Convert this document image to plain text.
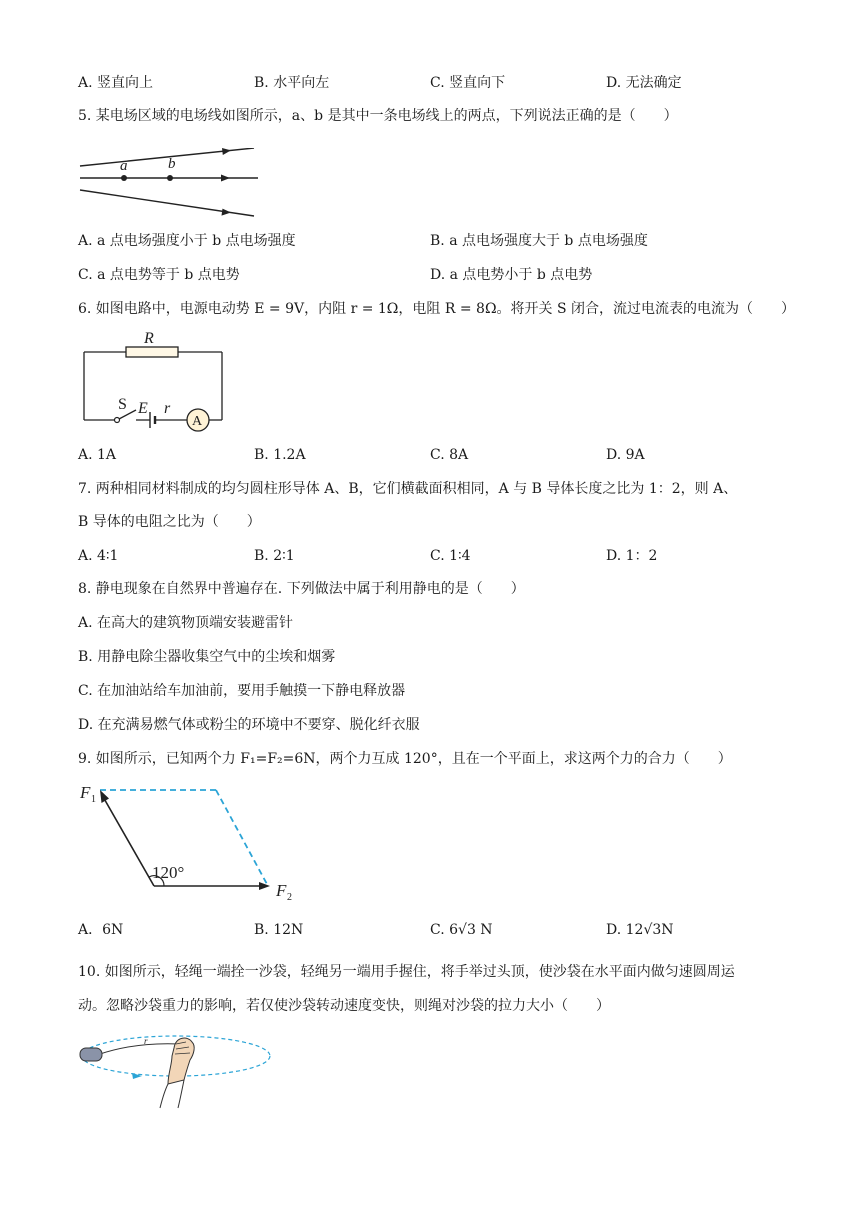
A. 竖直向上	B. 水平向左	C. 竖直向下	D. 无法确定
5. 某电场区域的电场线如图所示，a、b 是其中一条电场线上的两点，下列说法正确的是（　　）
a	b
A. a 点电场强度小于 b 点电场强度	B. a 点电场强度大于 b 点电场强度
C. a 点电势等于 b 点电势	D. a 点电势小于 b 点电势
6. 如图电路中，电源电动势 E = 9V，内阻 r = 1Ω，电阻 R = 8Ω。将开关 S 闭合，流过电流表的电流为（　　）
R
S E r
A
A. 1A	B. 1.2A	C. 8A	D. 9A
7. 两种相同材料制成的均匀圆柱形导体 A、B，它们横截面积相同，A 与 B 导体长度之比为 1：2，则 A、
B 导体的电阻之比为（　　）
A. 4∶1	B. 2∶1	C. 1∶4	D. 1：2
8. 静电现象在自然界中普遍存在. 下列做法中属于利用静电的是（　　）
A. 在高大的建筑物顶端安装避雷针
B. 用静电除尘器收集空气中的尘埃和烟雾
C. 在加油站给车加油前，要用手触摸一下静电释放器
D. 在充满易燃气体或粉尘的环境中不要穿、脱化纤衣服
9. 如图所示，已知两个力 F₁=F₂=6N，两个力互成 120°，且在一个平面上，求这两个力的合力（　　）
120°
F 1
F 2
A．6N	B. 12N	C. 6√3 N	D. 12√3N
10. 如图所示，轻绳一端拴一沙袋，轻绳另一端用手握住，将手举过头顶，使沙袋在水平面内做匀速圆周运
动。忽略沙袋重力的影响，若仅使沙袋转动速度变快，则绳对沙袋的拉力大小（　　）
r
